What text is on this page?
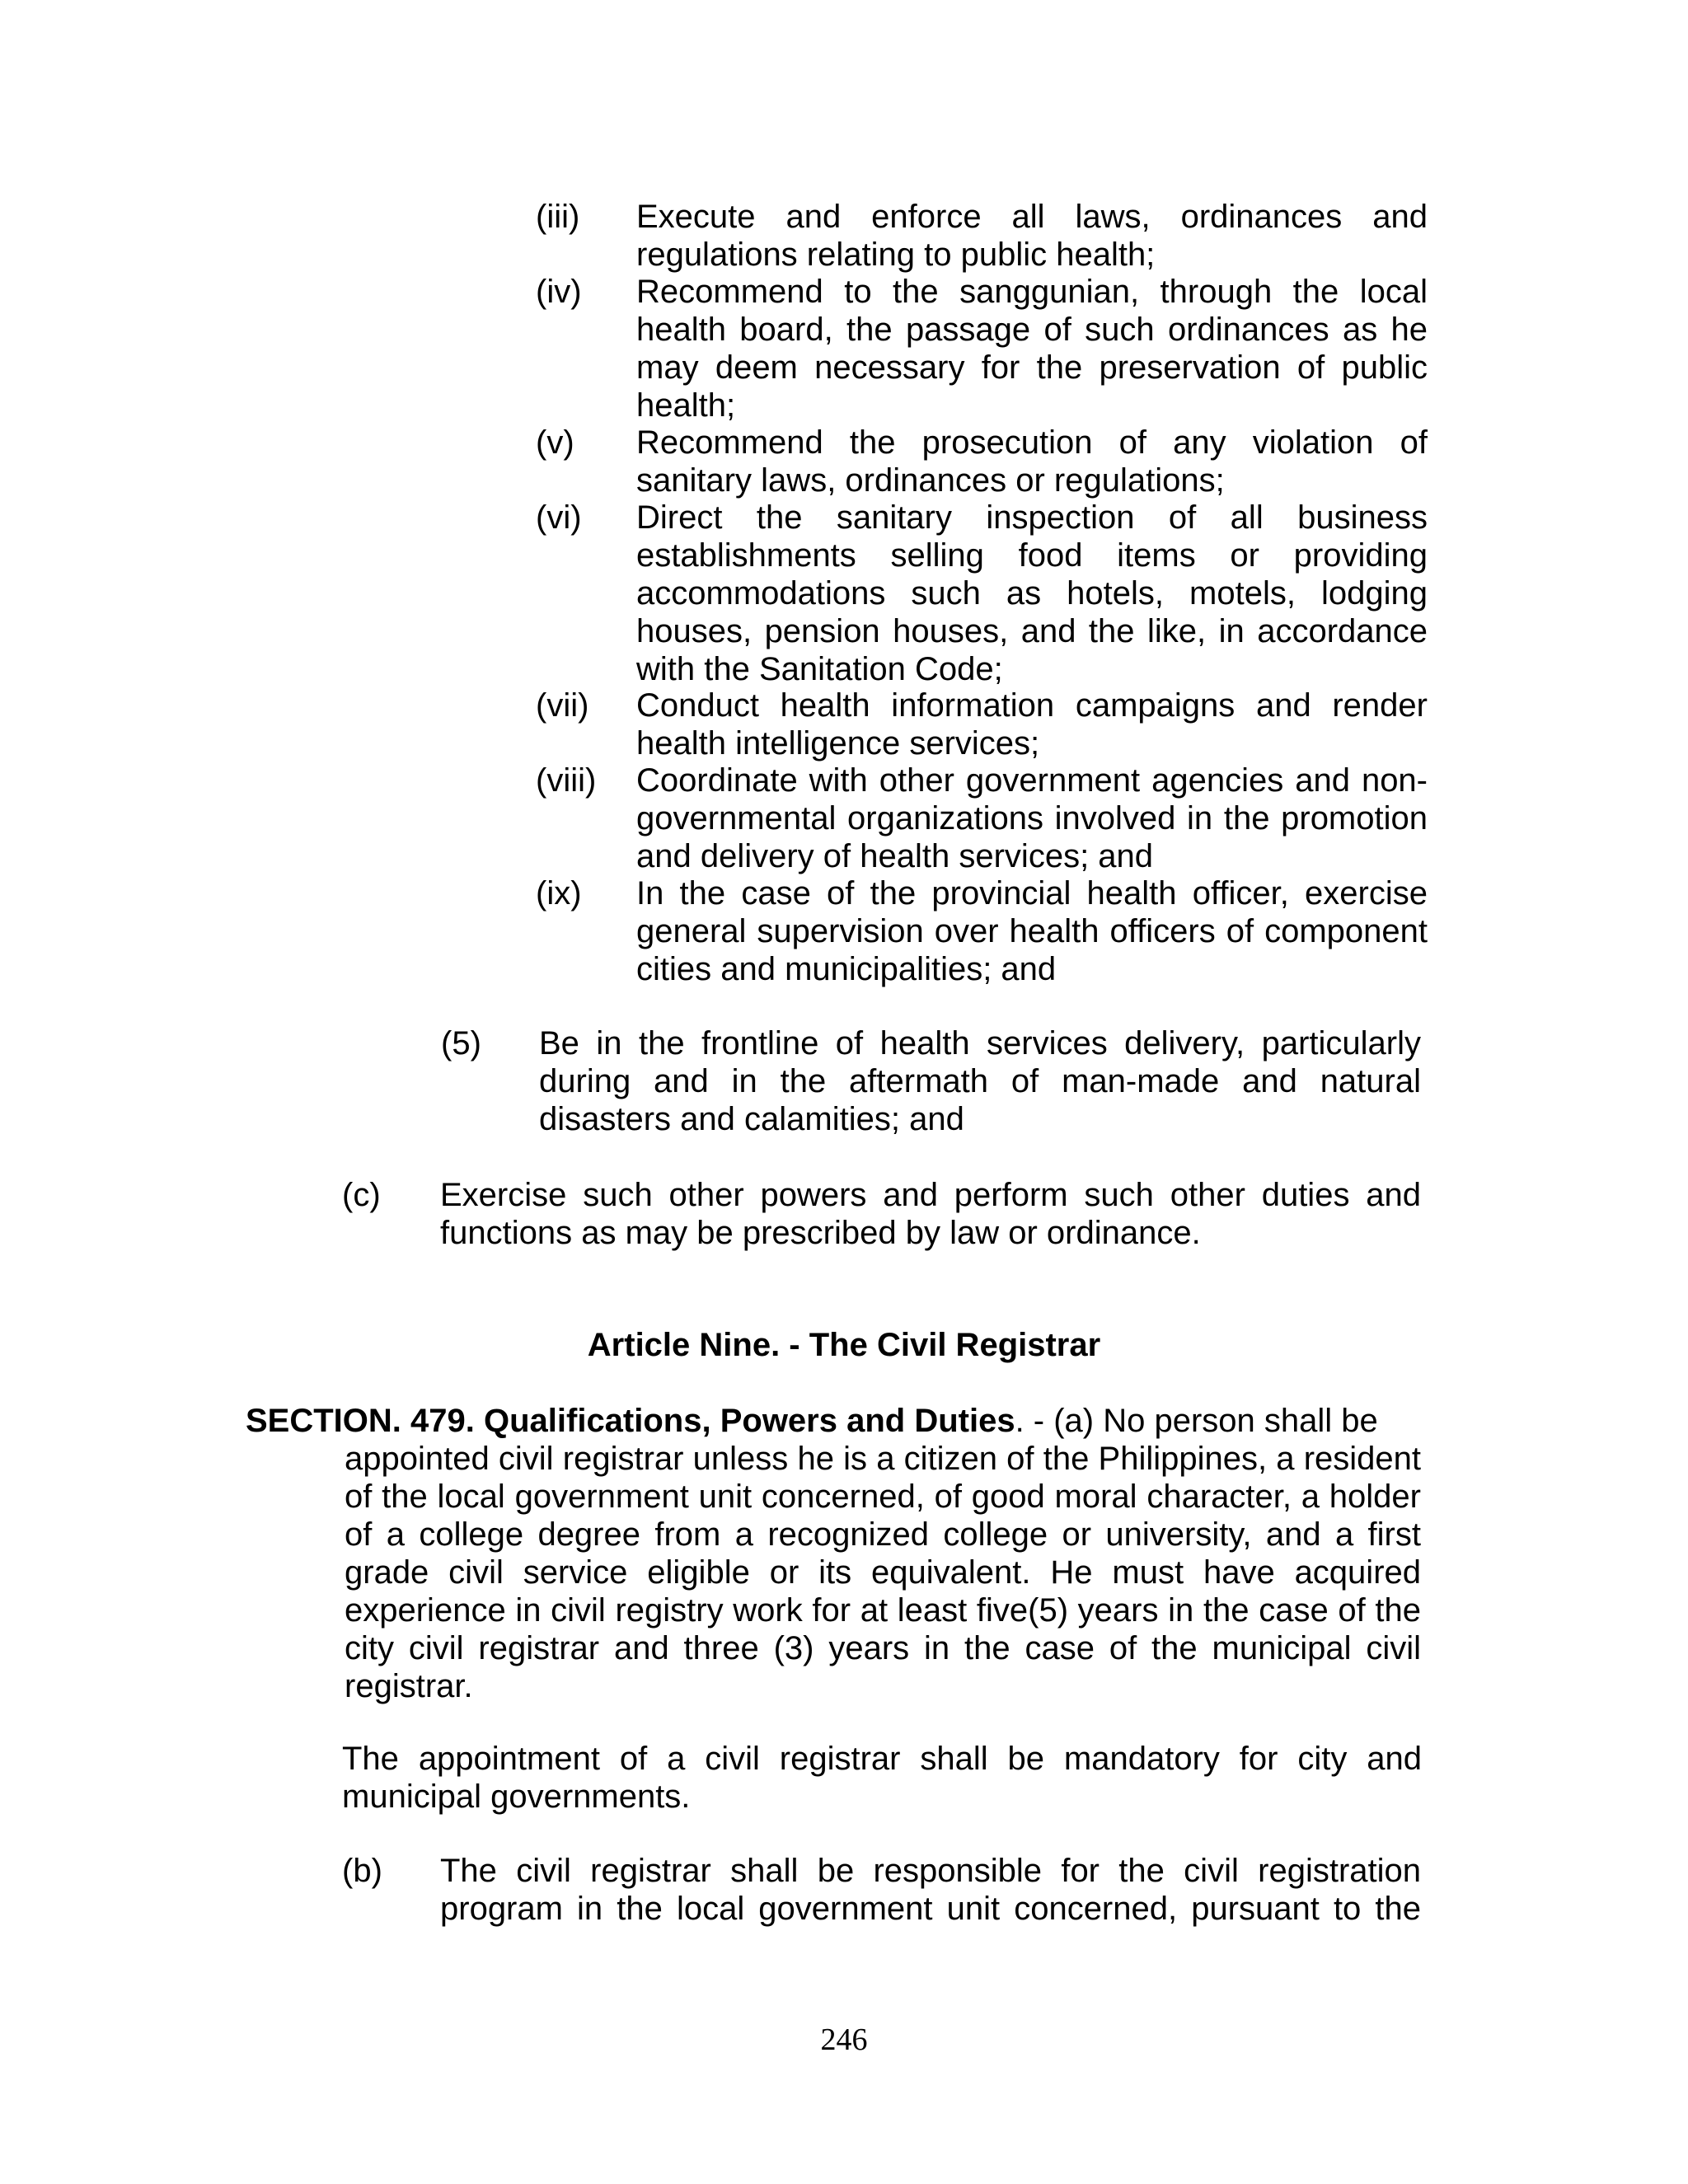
(iii) Execute and enforce all laws, ordinances and regulations relating to public health;
(iv) Recommend to the sanggunian, through the local health board, the passage of such ordinances as he may deem necessary for the preservation of public health;
(v) Recommend the prosecution of any violation of sanitary laws, ordinances or regulations;
(vi) Direct the sanitary inspection of all business establishments selling food items or providing accommodations such as hotels, motels, lodging houses, pension houses, and the like, in accordance with the Sanitation Code;
(vii) Conduct health information campaigns and render health intelligence services;
(viii) Coordinate with other government agencies and non-governmental organizations involved in the promotion and delivery of health services; and
(ix) In the case of the provincial health officer, exercise general supervision over health officers of component cities and municipalities; and
(5) Be in the frontline of health services delivery, particularly during and in the aftermath of man-made and natural disasters and calamities; and
(c) Exercise such other powers and perform such other duties and functions as may be prescribed by law or ordinance.
Article Nine. - The Civil Registrar
SECTION. 479. Qualifications, Powers and Duties. - (a) No person shall be
appointed civil registrar unless he is a citizen of the Philippines, a resident of the local government unit concerned, of good moral character, a holder of a college degree from a recognized college or university, and a first grade civil service eligible or its equivalent. He must have acquired experience in civil registry work for at least five(5) years in the case of the city civil registrar and three (3) years in the case of the municipal civil registrar.
The appointment of a civil registrar shall be mandatory for city and municipal governments.
(b) The civil registrar shall be responsible for the civil registration program in the local government unit concerned, pursuant to the
246
